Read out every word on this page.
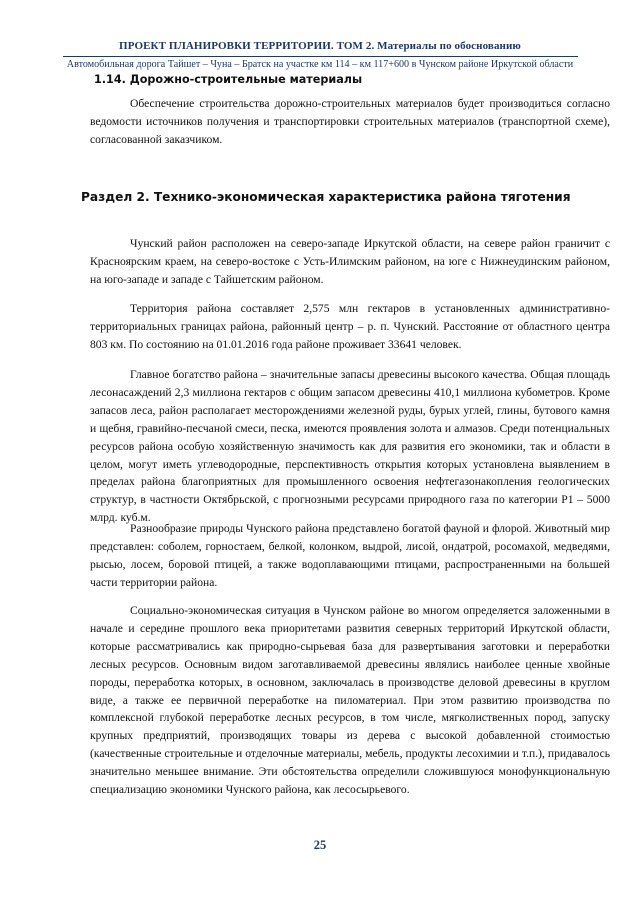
ПРОЕКТ ПЛАНИРОВКИ ТЕРРИТОРИИ. ТОМ 2. Материалы по обоснованию
Автомобильная дорога Тайшет – Чуна – Братск на участке км 114 – км 117+600 в Чунском районе Иркутской области
1.14. Дорожно-строительные материалы
Обеспечение строительства дорожно-строительных материалов будет производиться согласно ведомости источников получения и транспортировки строительных материалов (транспортной схеме), согласованной заказчиком.
Раздел 2. Технико-экономическая характеристика района тяготения
Чунский район расположен на северо-западе Иркутской области, на севере район граничит с Красноярским краем, на северо-востоке с Усть-Илимским районом, на юге с Нижнеудинским районом, на юго-западе и западе с Тайшетским районом.
Территория района составляет 2,575 млн гектаров в установленных административно-территориальных границах района, районный центр – р. п. Чунский. Расстояние от областного центра 803 км. По состоянию на 01.01.2016 года районе проживает 33641 человек.
Главное богатство района – значительные запасы древесины высокого качества. Общая площадь лесонасаждений 2,3 миллиона гектаров с общим запасом древесины 410,1 миллиона кубометров. Кроме запасов леса, район располагает месторождениями железной руды, бурых углей, глины, бутового камня и щебня, гравийно-песчаной смеси, песка, имеются проявления золота и алмазов. Среди потенциальных ресурсов района особую хозяйственную значимость как для развития его экономики, так и области в целом, могут иметь углеводородные, перспективность открытия которых установлена выявлением в пределах района благоприятных для промышленного освоения нефтегазонакопления геологических структур, в частности Октябрьской, с прогнозными ресурсами природного газа по категории Р1 – 5000 млрд. куб.м.
Разнообразие природы Чунского района представлено богатой фауной и флорой. Животный мир представлен: соболем, горностаем, белкой, колонком, выдрой, лисой, ондатрой, росомахой, медведями, рысью, лосем, боровой птицей, а также водоплавающими птицами, распространенными на большей части территории района.
Социально-экономическая ситуация в Чунском районе во многом определяется заложенными в начале и середине прошлого века приоритетами развития северных территорий Иркутской области, которые рассматривались как природно-сырьевая база для развертывания заготовки и переработки лесных ресурсов. Основным видом заготавливаемой древесины являлись наиболее ценные хвойные породы, переработка которых, в основном, заключалась в производстве деловой древесины в круглом виде, а также ее первичной переработке на пиломатериал. При этом развитию производства по комплексной глубокой переработке лесных ресурсов, в том числе, мягколиственных пород, запуску крупных предприятий, производящих товары из дерева с высокой добавленной стоимостью (качественные строительные и отделочные материалы, мебель, продукты лесохимии и т.п.), придавалось значительно меньшее внимание. Эти обстоятельства определили сложившуюся монофункциональную специализацию экономики Чунского района, как лесосырьевого.
25
